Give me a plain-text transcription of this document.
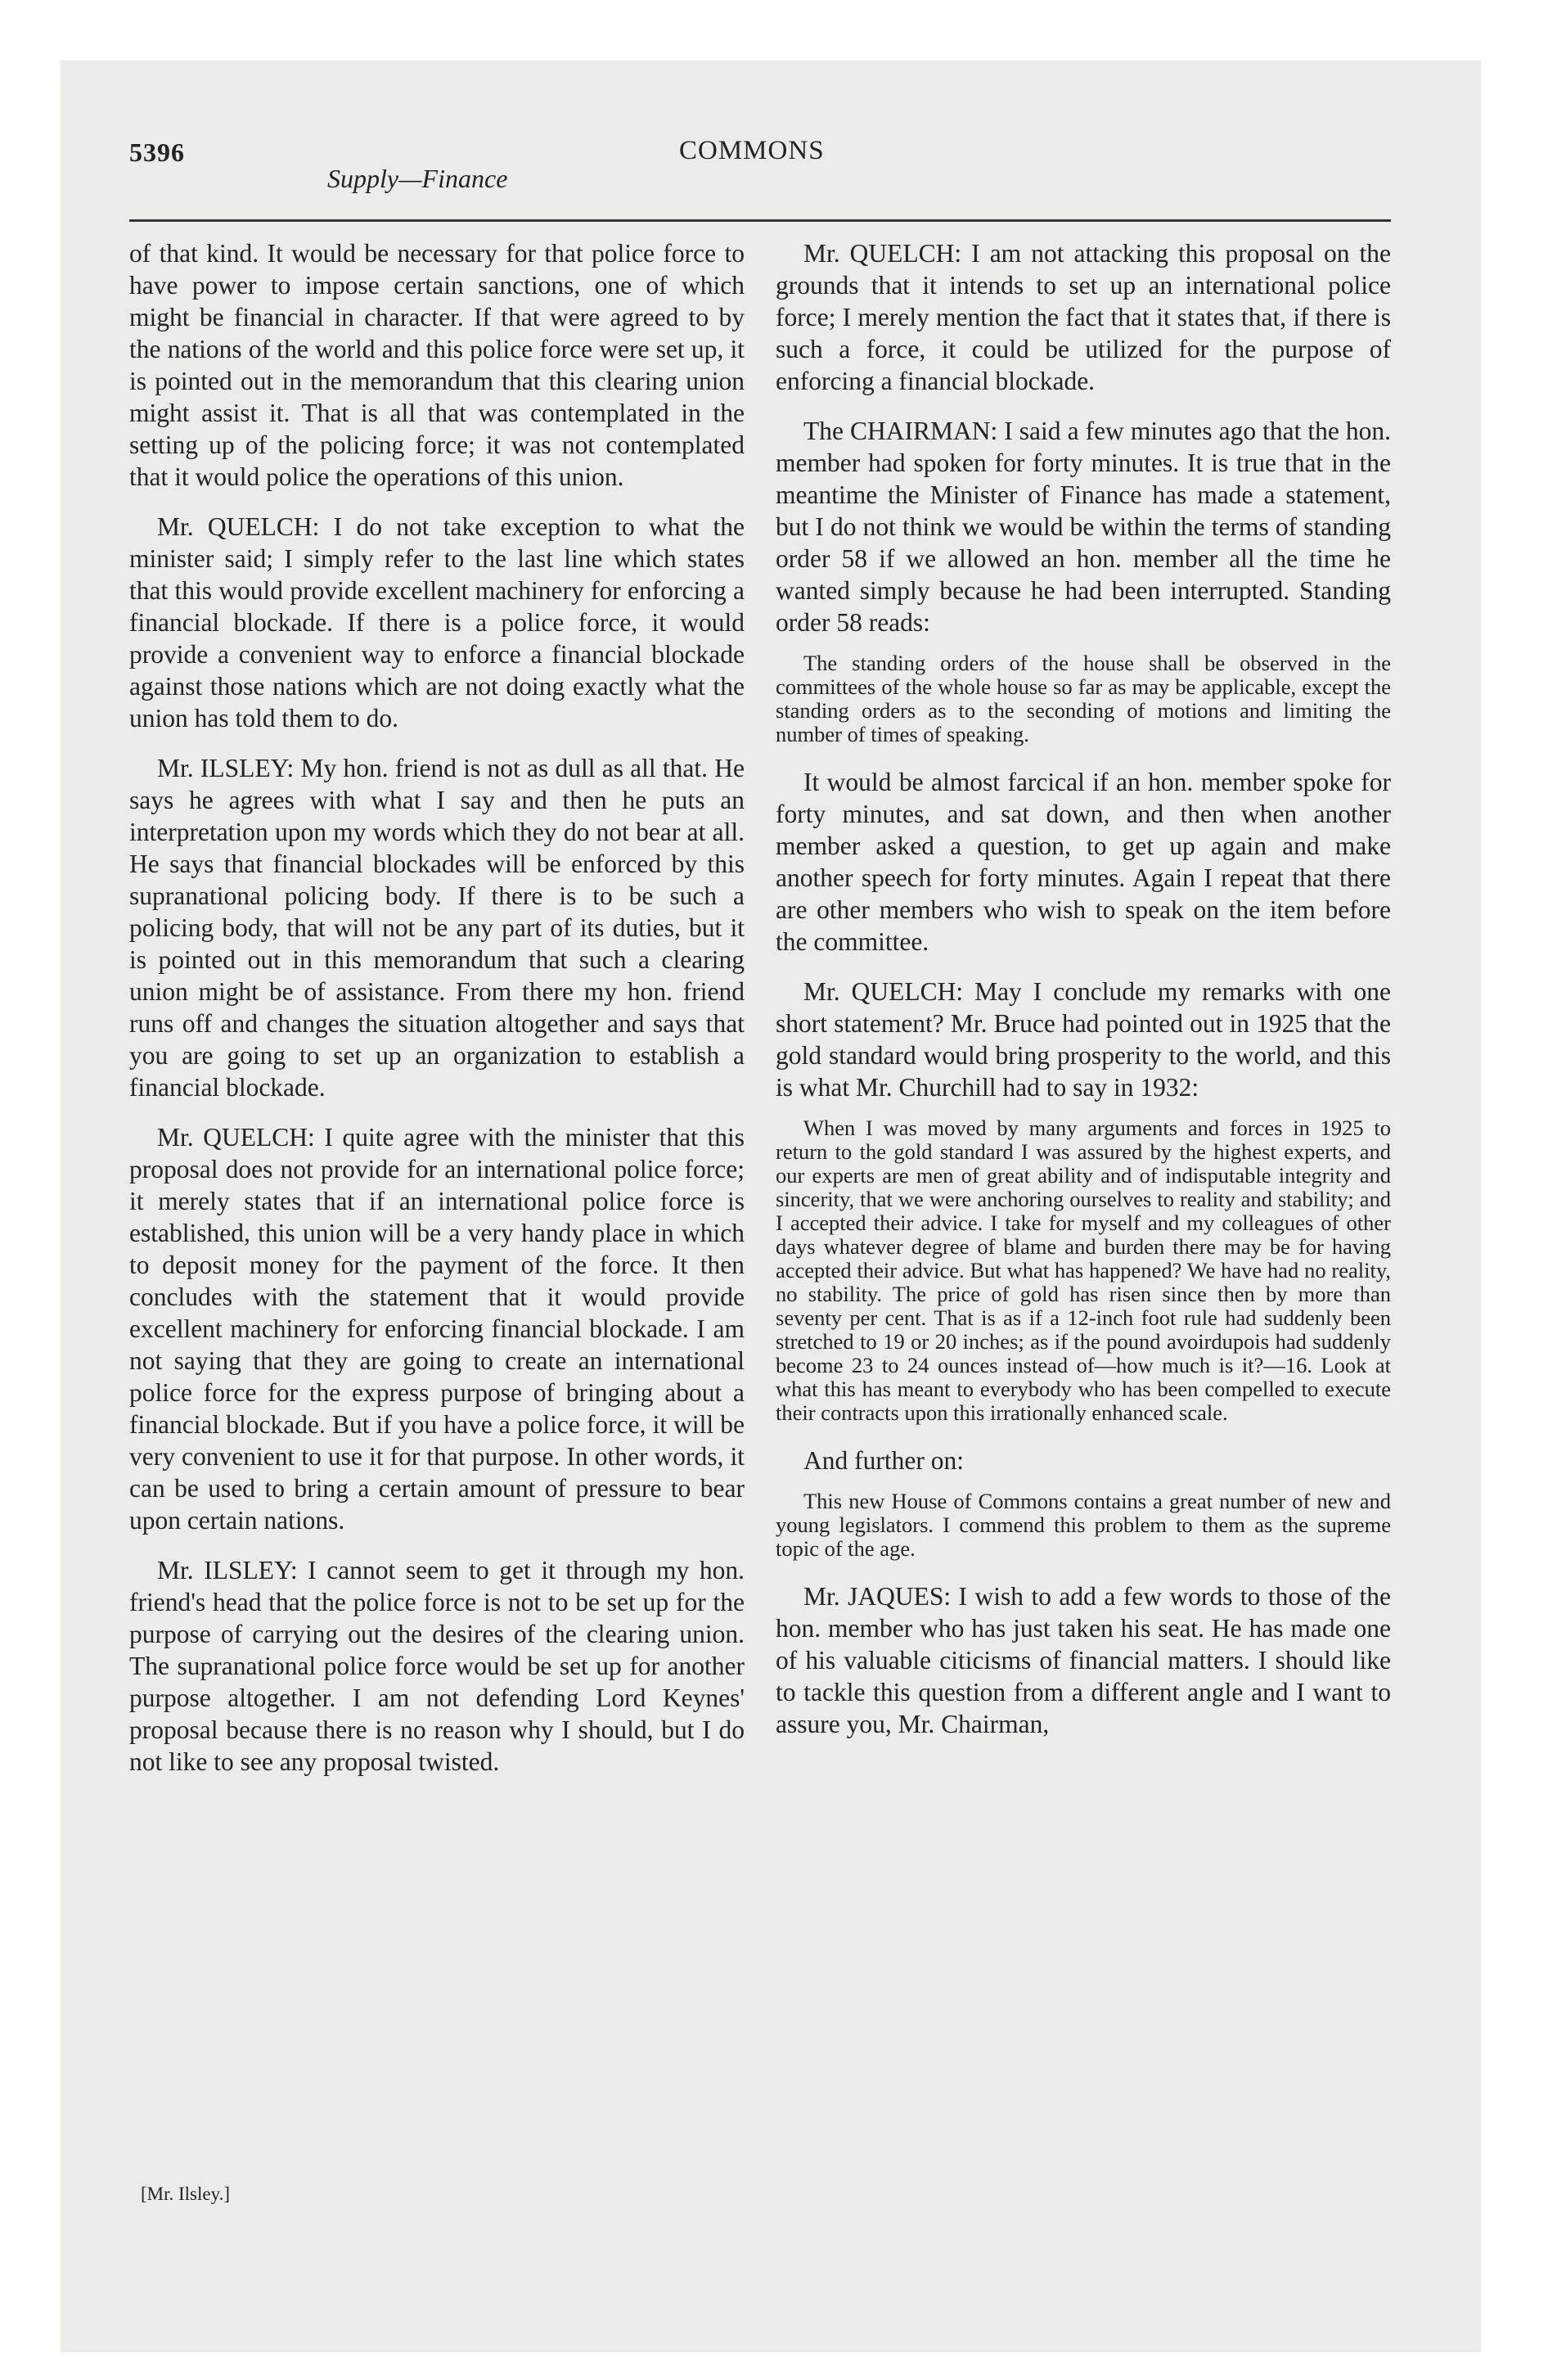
5396
Supply—Finance
COMMONS

of that kind. It would be necessary for that police force to have power to impose certain sanctions, one of which might be financial in character. If that were agreed to by the nations of the world and this police force were set up, it is pointed out in the memorandum that this clearing union might assist it. That is all that was contemplated in the setting up of the policing force; it was not contemplated that it would police the operations of this union.

Mr. QUELCH: I do not take exception to what the minister said; I simply refer to the last line which states that this would provide excellent machinery for enforcing a financial blockade. If there is a police force, it would provide a convenient way to enforce a financial blockade against those nations which are not doing exactly what the union has told them to do.

Mr. ILSLEY: My hon. friend is not as dull as all that. He says he agrees with what I say and then he puts an interpretation upon my words which they do not bear at all. He says that financial blockades will be enforced by this supranational policing body. If there is to be such a policing body, that will not be any part of its duties, but it is pointed out in this memorandum that such a clearing union might be of assistance. From there my hon. friend runs off and changes the situation altogether and says that you are going to set up an organization to establish a financial blockade.

Mr. QUELCH: I quite agree with the minister that this proposal does not provide for an international police force; it merely states that if an international police force is established, this union will be a very handy place in which to deposit money for the payment of the force. It then concludes with the statement that it would provide excellent machinery for enforcing financial blockade. I am not saying that they are going to create an international police force for the express purpose of bringing about a financial blockade. But if you have a police force, it will be very convenient to use it for that purpose. In other words, it can be used to bring a certain amount of pressure to bear upon certain nations.

Mr. ILSLEY: I cannot seem to get it through my hon. friend's head that the police force is not to be set up for the purpose of carrying out the desires of the clearing union. The supranational police force would be set up for another purpose altogether. I am not defending Lord Keynes' proposal because there is no reason why I should, but I do not like to see any proposal twisted.

Mr. QUELCH: I am not attacking this proposal on the grounds that it intends to set up an international police force; I merely mention the fact that it states that, if there is such a force, it could be utilized for the purpose of enforcing a financial blockade.

The CHAIRMAN: I said a few minutes ago that the hon. member had spoken for forty minutes. It is true that in the meantime the Minister of Finance has made a statement, but I do not think we would be within the terms of standing order 58 if we allowed an hon. member all the time he wanted simply because he had been interrupted. Standing order 58 reads:

The standing orders of the house shall be observed in the committees of the whole house so far as may be applicable, except the standing orders as to the seconding of motions and limiting the number of times of speaking.

It would be almost farcical if an hon. member spoke for forty minutes, and sat down, and then when another member asked a question, to get up again and make another speech for forty minutes. Again I repeat that there are other members who wish to speak on the item before the committee.

Mr. QUELCH: May I conclude my remarks with one short statement? Mr. Bruce had pointed out in 1925 that the gold standard would bring prosperity to the world, and this is what Mr. Churchill had to say in 1932:

When I was moved by many arguments and forces in 1925 to return to the gold standard I was assured by the highest experts, and our experts are men of great ability and of indisputable integrity and sincerity, that we were anchoring ourselves to reality and stability; and I accepted their advice. I take for myself and my colleagues of other days whatever degree of blame and burden there may be for having accepted their advice. But what has happened? We have had no reality, no stability. The price of gold has risen since then by more than seventy per cent. That is as if a 12-inch foot rule had suddenly been stretched to 19 or 20 inches; as if the pound avoirdupois had suddenly become 23 to 24 ounces instead of—how much is it?—16. Look at what this has meant to everybody who has been compelled to execute their contracts upon this irrationally enhanced scale.

And further on:

This new House of Commons contains a great number of new and young legislators. I commend this problem to them as the supreme topic of the age.

Mr. JAQUES: I wish to add a few words to those of the hon. member who has just taken his seat. He has made one of his valuable citicisms of financial matters. I should like to tackle this question from a different angle and I want to assure you, Mr. Chairman,

[Mr. Ilsley.]
